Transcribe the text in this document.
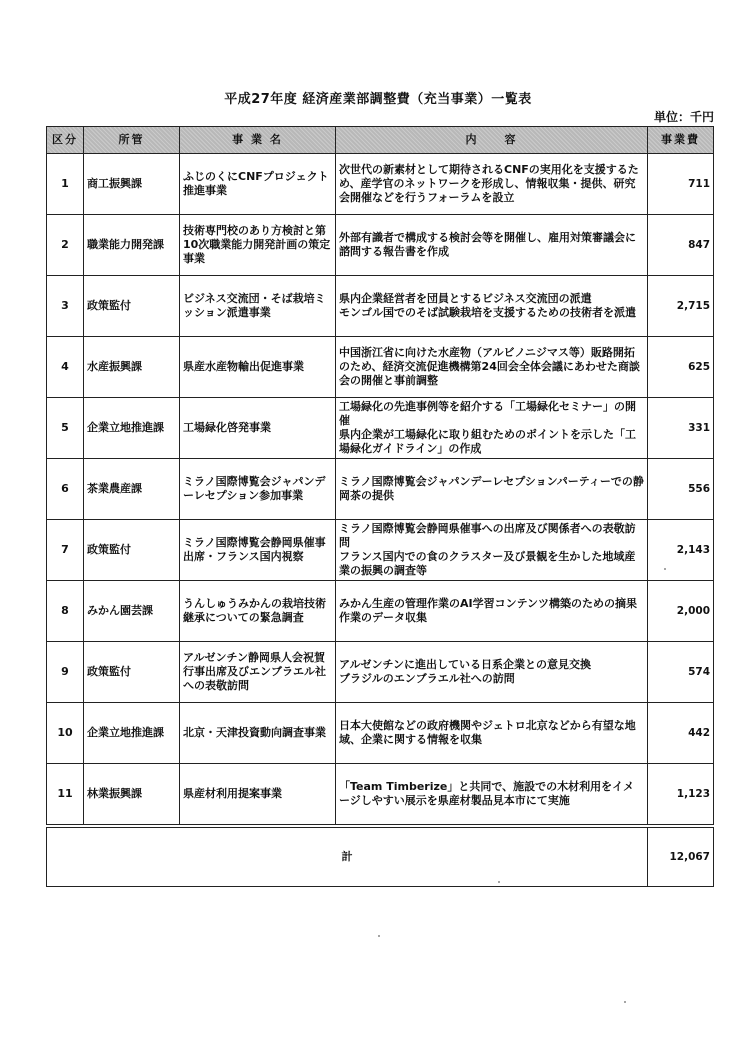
平成27年度 経済産業部調整費（充当事業）一覧表
単位：千円
区分	所管	事 業 名	内　　容	事業費
1	商工振興課	ふじのくにCNFプロジェクト推進事業	次世代の新素材として期待されるCNFの実用化を支援するため、産学官のネットワークを形成し、情報収集・提供、研究会開催などを行うフォーラムを設立	711
2	職業能力開発課	技術専門校のあり方検討と第10次職業能力開発計画の策定事業	外部有識者で構成する検討会等を開催し、雇用対策審議会に諮問する報告書を作成	847
3	政策監付	ビジネス交流団・そば栽培ミッション派遣事業	県内企業経営者を団員とするビジネス交流団の派遣
モンゴル国でのそば試験栽培を支援するための技術者を派遣	2,715
4	水産振興課	県産水産物輸出促進事業	中国浙江省に向けた水産物（アルビノニジマス等）販路開拓のため、経済交流促進機構第24回会全体会議にあわせた商談会の開催と事前調整	625
5	企業立地推進課	工場緑化啓発事業	工場緑化の先進事例等を紹介する「工場緑化セミナー」の開催
県内企業が工場緑化に取り組むためのポイントを示した「工場緑化ガイドライン」の作成	331
6	茶業農産課	ミラノ国際博覧会ジャパンデーレセプション参加事業	ミラノ国際博覧会ジャパンデーレセプションパーティーでの静岡茶の提供	556
7	政策監付	ミラノ国際博覧会静岡県催事出席・フランス国内視察	ミラノ国際博覧会静岡県催事への出席及び関係者への表敬訪問
フランス国内での食のクラスター及び景観を生かした地域産業の振興の調査等	2,143
8	みかん園芸課	うんしゅうみかんの栽培技術継承についての緊急調査	みかん生産の管理作業のAI学習コンテンツ構築のための摘果作業のデータ収集	2,000
9	政策監付	アルゼンチン静岡県人会祝賀行事出席及びエンブラエル社への表敬訪問	アルゼンチンに進出している日系企業との意見交換
ブラジルのエンブラエル社への訪問	574
10	企業立地推進課	北京・天津投資動向調査事業	日本大使館などの政府機関やジェトロ北京などから有望な地域、企業に関する情報を収集	442
11	林業振興課	県産材利用提案事業	「Team Timberize」と共同で、施設での木材利用をイメージしやすい展示を県産材製品見本市にて実施	1,123
計				12,067
